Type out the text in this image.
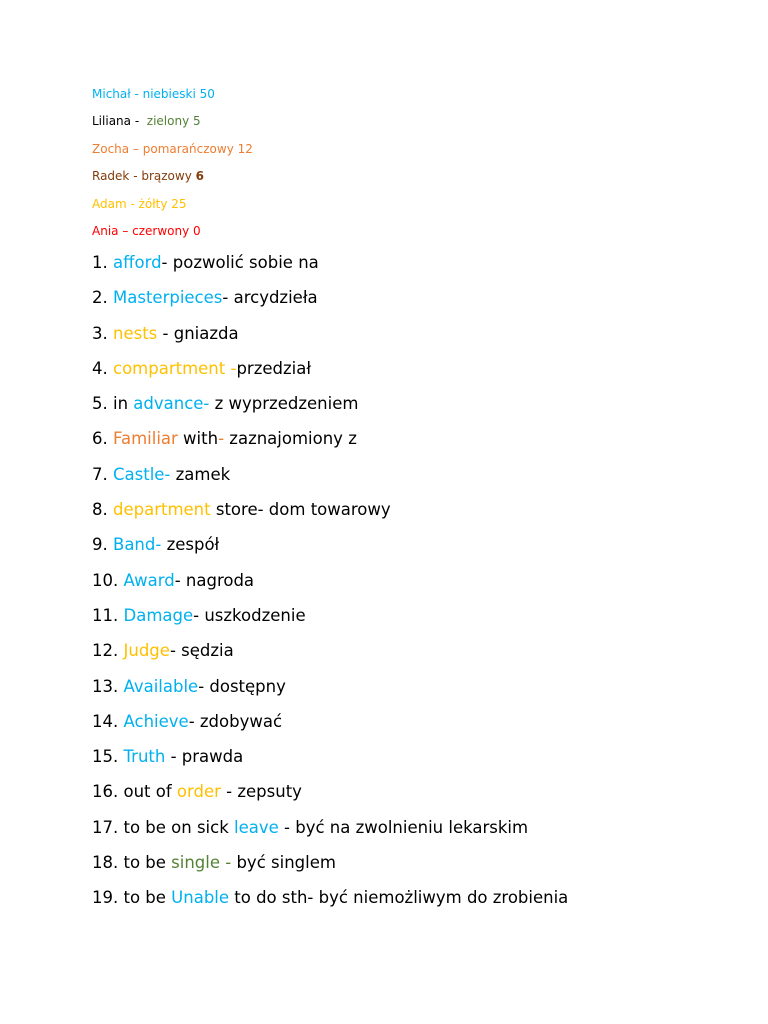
Michał - niebieski 50
Liliana -  zielony 5
Zocha – pomarańczowy 12
Radek - brązowy 6
Adam - żółty 25
Ania – czerwony 0
1. afford- pozwolić sobie na
2. Masterpieces- arcydzieła
3. nests - gniazda
4. compartment -przedział
5. in advance- z wyprzedzeniem
6. Familiar with- zaznajomiony z
7. Castle- zamek
8. department store- dom towarowy
9. Band- zespół
10. Award- nagroda
11. Damage- uszkodzenie
12. Judge- sędzia
13. Available- dostępny
14. Achieve- zdobywać
15. Truth - prawda
16. out of order - zepsuty
17. to be on sick leave - być na zwolnieniu lekarskim
18. to be single - być singlem
19. to be Unable to do sth- być niemożliwym do zrobienia
